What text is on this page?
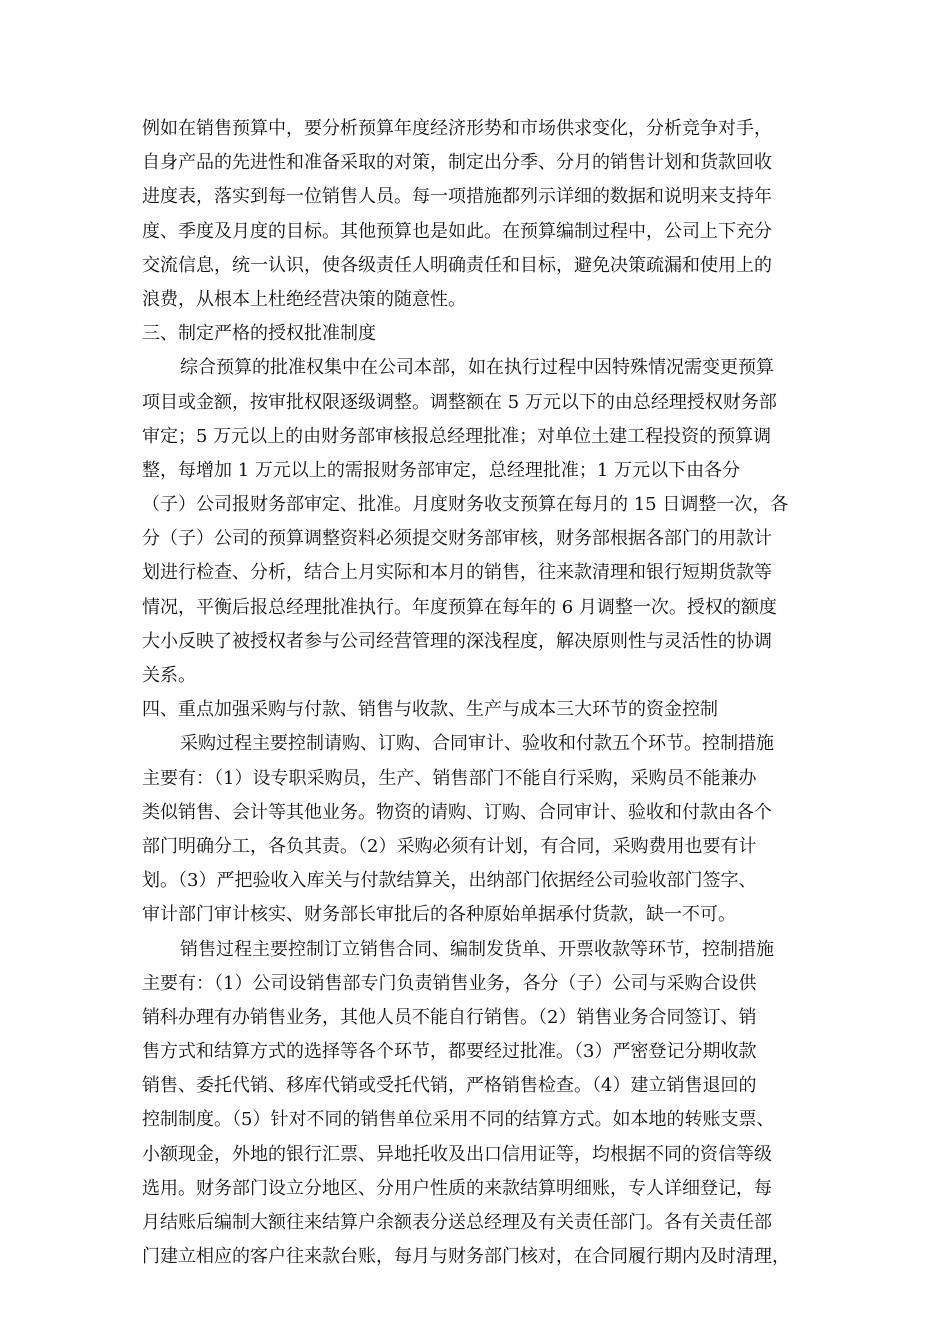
例如在销售预算中，要分析预算年度经济形势和市场供求变化，分析竞争对手，
自身产品的先进性和准备采取的对策，制定出分季、分月的销售计划和货款回收
进度表，落实到每一位销售人员。每一项措施都列示详细的数据和说明来支持年
度、季度及月度的目标。其他预算也是如此。在预算编制过程中，公司上下充分
交流信息，统一认识，使各级责任人明确责任和目标，避免决策疏漏和使用上的
浪费，从根本上杜绝经营决策的随意性。
三、制定严格的授权批准制度
综合预算的批准权集中在公司本部，如在执行过程中因特殊情况需变更预算
项目或金额，按审批权限逐级调整。调整额在 5 万元以下的由总经理授权财务部
审定；5 万元以上的由财务部审核报总经理批准；对单位土建工程投资的预算调
整，每增加 1 万元以上的需报财务部审定，总经理批准；1 万元以下由各分
（子）公司报财务部审定、批准。月度财务收支预算在每月的 15 日调整一次，各
分（子）公司的预算调整资料必须提交财务部审核，财务部根据各部门的用款计
划进行检查、分析，结合上月实际和本月的销售，往来款清理和银行短期货款等
情况，平衡后报总经理批准执行。年度预算在每年的 6 月调整一次。授权的额度
大小反映了被授权者参与公司经营管理的深浅程度，解决原则性与灵活性的协调
关系。
四、重点加强采购与付款、销售与收款、生产与成本三大环节的资金控制
采购过程主要控制请购、订购、合同审计、验收和付款五个环节。控制措施
主要有：（1）设专职采购员，生产、销售部门不能自行采购，采购员不能兼办
类似销售、会计等其他业务。物资的请购、订购、合同审计、验收和付款由各个
部门明确分工，各负其责。（2）采购必须有计划，有合同，采购费用也要有计
划。（3）严把验收入库关与付款结算关，出纳部门依据经公司验收部门签字、
审计部门审计核实、财务部长审批后的各种原始单据承付货款，缺一不可。
销售过程主要控制订立销售合同、编制发货单、开票收款等环节，控制措施
主要有：（1）公司设销售部专门负责销售业务，各分（子）公司与采购合设供
销科办理有办销售业务，其他人员不能自行销售。（2）销售业务合同签订、销
售方式和结算方式的选择等各个环节，都要经过批准。（3）严密登记分期收款
销售、委托代销、移库代销或受托代销，严格销售检查。（4）建立销售退回的
控制制度。（5）针对不同的销售单位采用不同的结算方式。如本地的转账支票、
小额现金，外地的银行汇票、异地托收及出口信用证等，均根据不同的资信等级
选用。财务部门设立分地区、分用户性质的来款结算明细账，专人详细登记，每
月结账后编制大额往来结算户余额表分送总经理及有关责任部门。各有关责任部
门建立相应的客户往来款台账，每月与财务部门核对，在合同履行期内及时清理，
